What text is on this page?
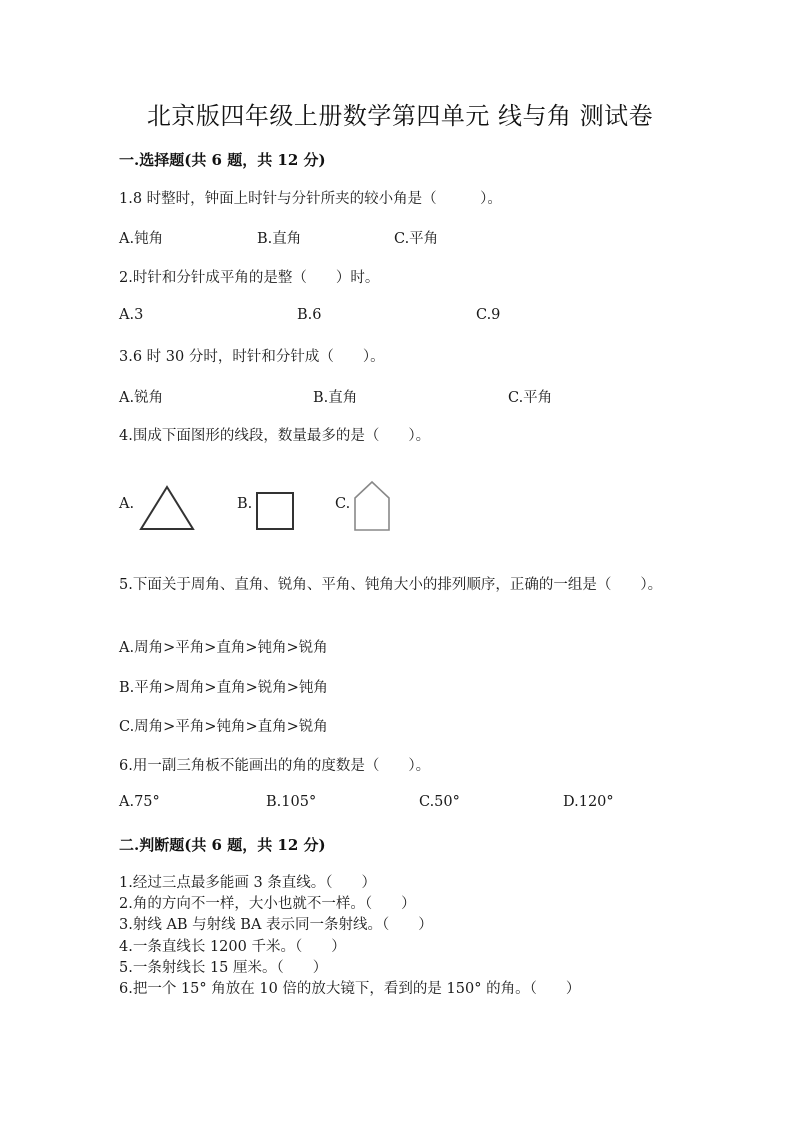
北京版四年级上册数学第四单元 线与角 测试卷
一.选择题(共 6 题，共 12 分)
1.8 时整时，钟面上时针与分针所夹的较小角是（　　　）。
A.钝角	B.直角	C.平角
2.时针和分针成平角的是整（　　）时。
A.3	B.6	C.9
3.6 时 30 分时，时针和分针成（　　）。
A.锐角	B.直角	C.平角
4.围成下面图形的线段，数量最多的是（　　）。
A.	B.	C.
5.下面关于周角、直角、锐角、平角、钝角大小的排列顺序，正确的一组是（　　）。
A.周角>平角>直角>钝角>锐角
B.平角>周角>直角>锐角>钝角
C.周角>平角>钝角>直角>锐角
6.用一副三角板不能画出的角的度数是（　　）。
A.75°	B.105°	C.50°	D.120°
二.判断题(共 6 题，共 12 分)
1.经过三点最多能画 3 条直线。（　　）
2.角的方向不一样，大小也就不一样。（　　）
3.射线 AB 与射线 BA 表示同一条射线。（　　）
4.一条直线长 1200 千米。（　　）
5.一条射线长 15 厘米。（　　）
6.把一个 15° 角放在 10 倍的放大镜下，看到的是 150° 的角。（　　）
